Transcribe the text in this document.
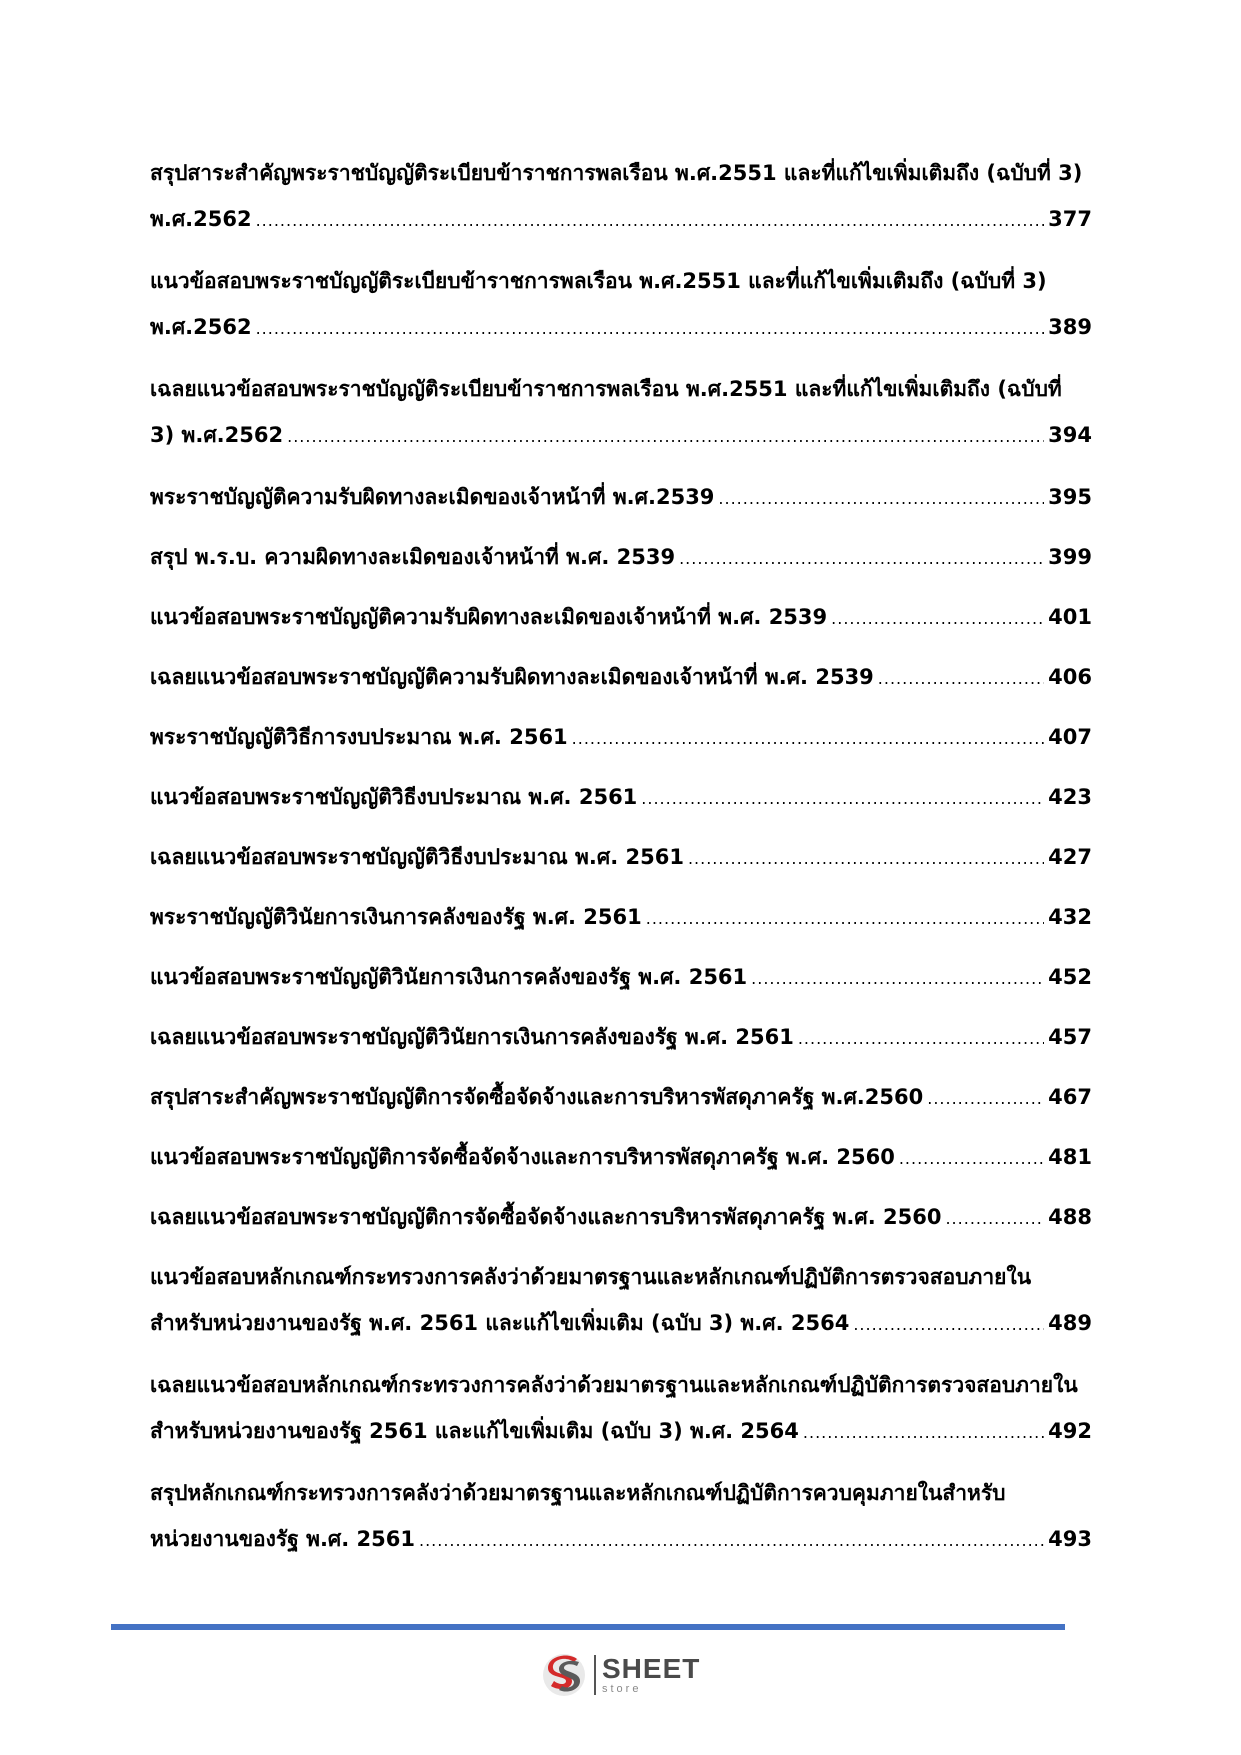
สรุปสาระสำคัญพระราชบัญญัติระเบียบข้าราชการพลเรือน พ.ศ.2551 และที่แก้ไขเพิ่มเติมถึง (ฉบับที่ 3)
พ.ศ.2562 .....	377
แนวข้อสอบพระราชบัญญัติระเบียบข้าราชการพลเรือน พ.ศ.2551 และที่แก้ไขเพิ่มเติมถึง (ฉบับที่ 3)
พ.ศ.2562 .....	389
เฉลยแนวข้อสอบพระราชบัญญัติระเบียบข้าราชการพลเรือน พ.ศ.2551 และที่แก้ไขเพิ่มเติมถึง (ฉบับที่
3) พ.ศ.2562 .....	394
พระราชบัญญัติความรับผิดทางละเมิดของเจ้าหน้าที่ พ.ศ.2539 .....	395
สรุป พ.ร.บ. ความผิดทางละเมิดของเจ้าหน้าที่ พ.ศ. 2539 .....	399
แนวข้อสอบพระราชบัญญัติความรับผิดทางละเมิดของเจ้าหน้าที่ พ.ศ. 2539 .....	401
เฉลยแนวข้อสอบพระราชบัญญัติความรับผิดทางละเมิดของเจ้าหน้าที่ พ.ศ. 2539 .....	406
พระราชบัญญัติวิธีการงบประมาณ พ.ศ. 2561 .....	407
แนวข้อสอบพระราชบัญญัติวิธีงบประมาณ พ.ศ. 2561 .....	423
เฉลยแนวข้อสอบพระราชบัญญัติวิธีงบประมาณ พ.ศ. 2561 .....	427
พระราชบัญญัติวินัยการเงินการคลังของรัฐ พ.ศ. 2561 .....	432
แนวข้อสอบพระราชบัญญัติวินัยการเงินการคลังของรัฐ พ.ศ. 2561 .....	452
เฉลยแนวข้อสอบพระราชบัญญัติวินัยการเงินการคลังของรัฐ พ.ศ. 2561 .....	457
สรุปสาระสำคัญพระราชบัญญัติการจัดซื้อจัดจ้างและการบริหารพัสดุภาครัฐ พ.ศ.2560 .....	467
แนวข้อสอบพระราชบัญญัติการจัดซื้อจัดจ้างและการบริหารพัสดุภาครัฐ พ.ศ. 2560 .....	481
เฉลยแนวข้อสอบพระราชบัญญัติการจัดซื้อจัดจ้างและการบริหารพัสดุภาครัฐ พ.ศ. 2560 .....	488
แนวข้อสอบหลักเกณฑ์กระทรวงการคลังว่าด้วยมาตรฐานและหลักเกณฑ์ปฏิบัติการตรวจสอบภายใน
สำหรับหน่วยงานของรัฐ พ.ศ. 2561 และแก้ไขเพิ่มเติม (ฉบับ 3) พ.ศ. 2564 .....	489
เฉลยแนวข้อสอบหลักเกณฑ์กระทรวงการคลังว่าด้วยมาตรฐานและหลักเกณฑ์ปฏิบัติการตรวจสอบภายใน
สำหรับหน่วยงานของรัฐ 2561 และแก้ไขเพิ่มเติม (ฉบับ 3) พ.ศ. 2564 .....	492
สรุปหลักเกณฑ์กระทรวงการคลังว่าด้วยมาตรฐานและหลักเกณฑ์ปฏิบัติการควบคุมภายในสำหรับ
หน่วยงานของรัฐ พ.ศ. 2561 .....	493
SHEET
store
